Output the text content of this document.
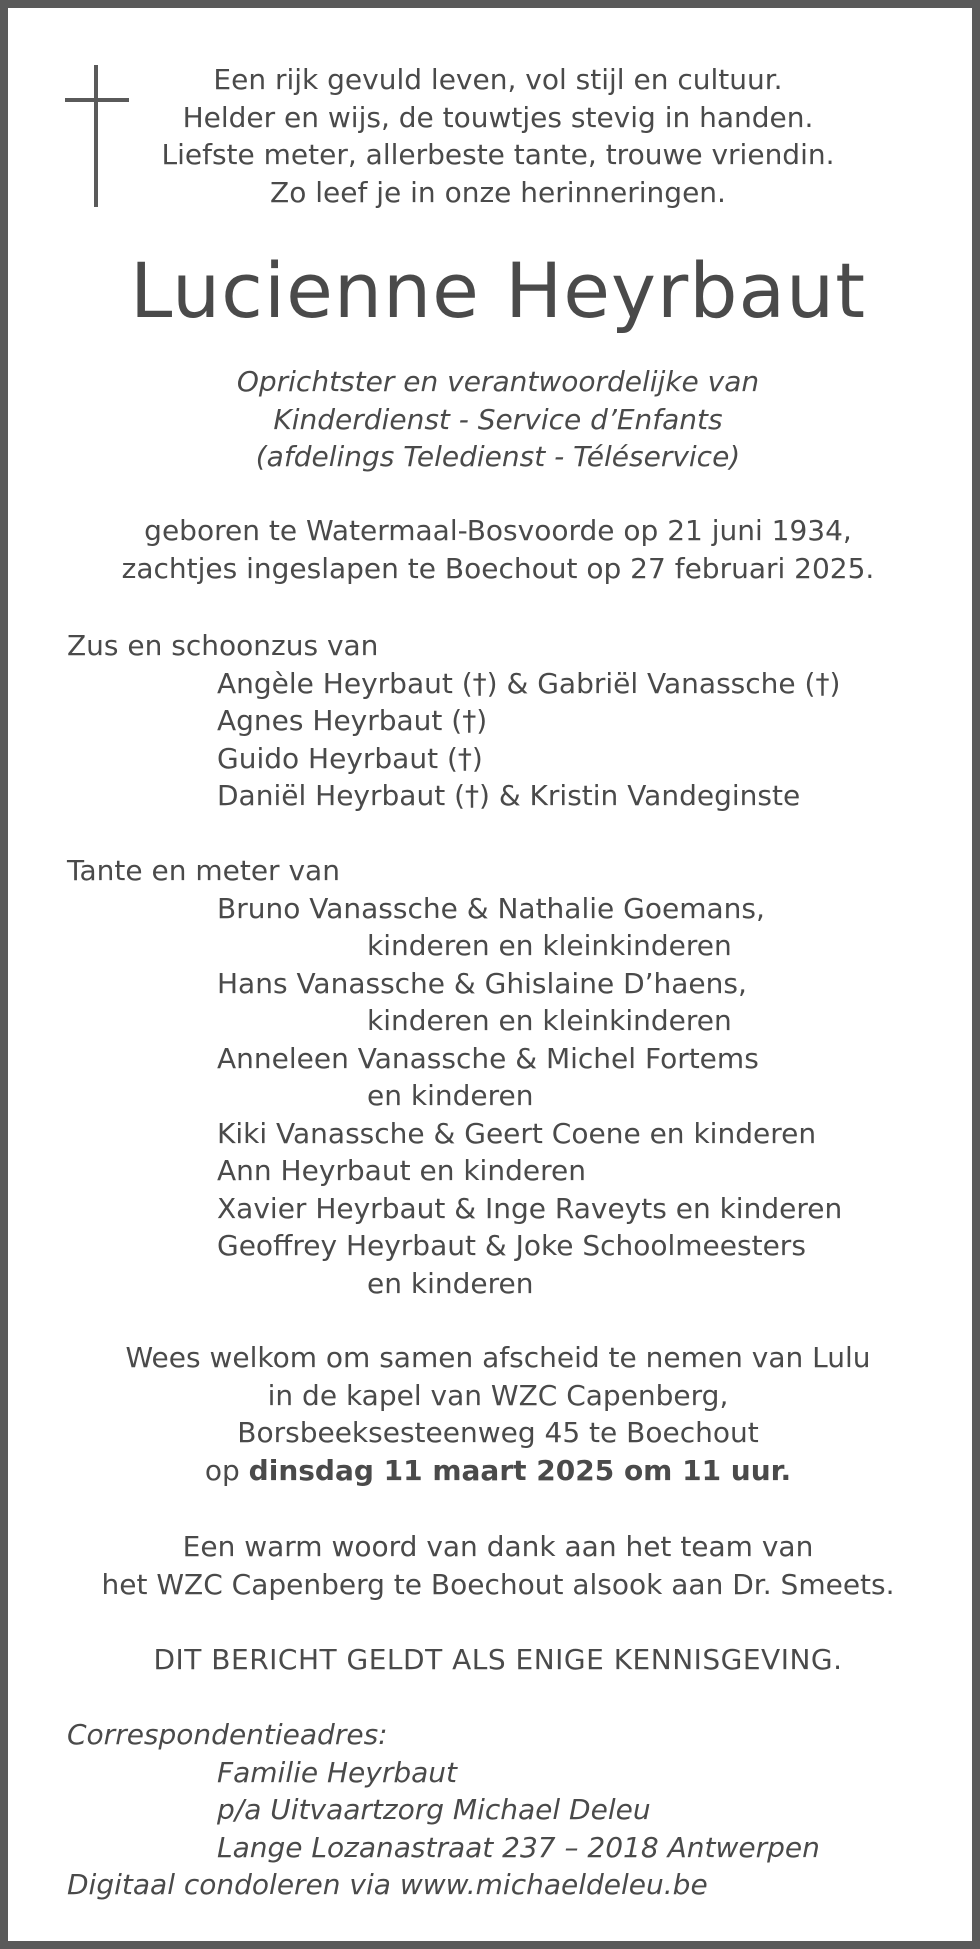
Een rijk gevuld leven, vol stijl en cultuur.
Helder en wijs, de touwtjes stevig in handen.
Liefste meter, allerbeste tante, trouwe vriendin.
Zo leef je in onze herinneringen.
Lucienne Heyrbaut
Oprichtster en verantwoordelijke van
Kinderdienst - Service d’Enfants
(afdelings Teledienst - Téléservice)
geboren te Watermaal-Bosvoorde op 21 juni 1934,
zachtjes ingeslapen te Boechout op 27 februari 2025.
Zus en schoonzus van
Angèle Heyrbaut (†) & Gabriël Vanassche (†)
Agnes Heyrbaut (†)
Guido Heyrbaut (†)
Daniël Heyrbaut (†) & Kristin Vandeginste
Tante en meter van
Bruno Vanassche & Nathalie Goemans,
kinderen en kleinkinderen
Hans Vanassche & Ghislaine D’haens,
kinderen en kleinkinderen
Anneleen Vanassche & Michel Fortems
en kinderen
Kiki Vanassche & Geert Coene en kinderen
Ann Heyrbaut en kinderen
Xavier Heyrbaut & Inge Raveyts en kinderen
Geoffrey Heyrbaut & Joke Schoolmeesters
en kinderen
Wees welkom om samen afscheid te nemen van Lulu
in de kapel van WZC Capenberg,
Borsbeeksesteenweg 45 te Boechout
op dinsdag 11 maart 2025 om 11 uur.
Een warm woord van dank aan het team van
het WZC Capenberg te Boechout alsook aan Dr. Smeets.
DIT BERICHT GELDT ALS ENIGE KENNISGEVING.
Correspondentieadres:
Familie Heyrbaut
p/a Uitvaartzorg Michael Deleu
Lange Lozanastraat 237 – 2018 Antwerpen
Digitaal condoleren via www.michaeldeleu.be
